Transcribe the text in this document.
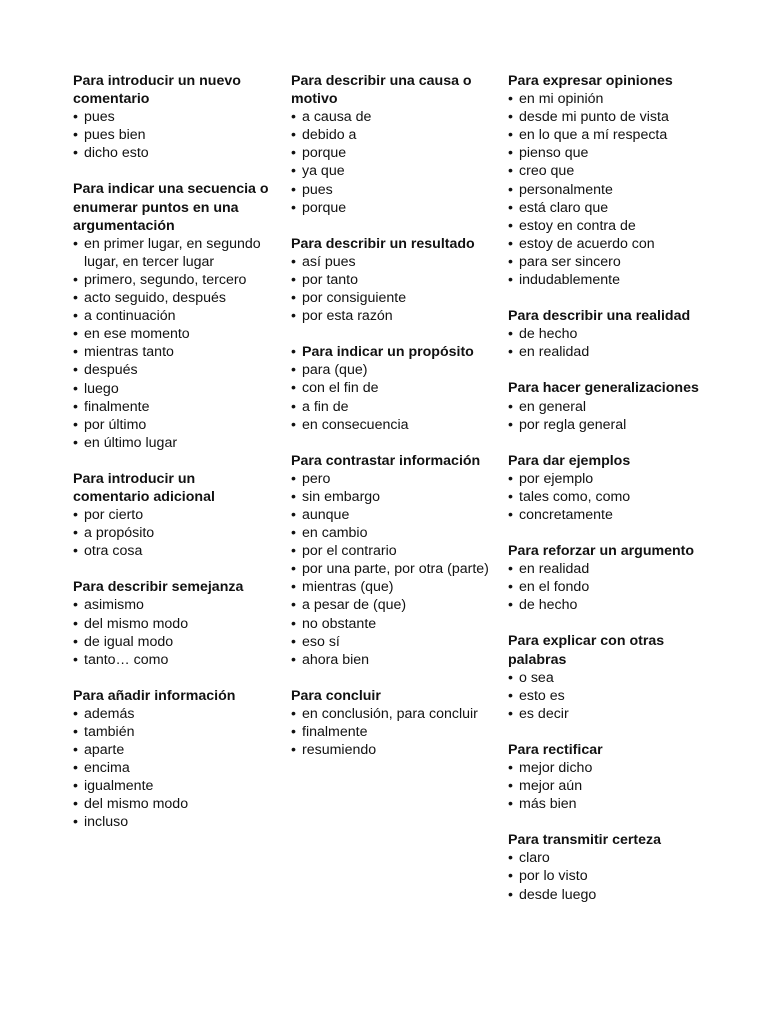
Para introducir un nuevo comentario
• pues
• pues bien
• dicho esto
Para indicar una secuencia o enumerar puntos en una argumentación
• en primer lugar, en segundo lugar, en tercer lugar
• primero, segundo, tercero
• acto seguido, después
• a continuación
• en ese momento
• mientras tanto
• después
• luego
• finalmente
• por último
• en último lugar
Para introducir un comentario adicional
• por cierto
• a propósito
• otra cosa
Para describir semejanza
• asimismo
• del mismo modo
• de igual modo
• tanto… como
Para añadir información
• además
• también
• aparte
• encima
• igualmente
• del mismo modo
• incluso
Para describir una causa o motivo
• a causa de
• debido a
• porque
• ya que
• pues
• porque
Para describir un resultado
• así pues
• por tanto
• por consiguiente
• por esta razón
• Para indicar un propósito
• para (que)
• con el fin de
• a fin de
• en consecuencia
Para contrastar información
• pero
• sin embargo
• aunque
• en cambio
• por el contrario
• por una parte, por otra (parte)
• mientras (que)
• a pesar de (que)
• no obstante
• eso sí
• ahora bien
Para concluir
• en conclusión, para concluir
• finalmente
• resumiendo
Para expresar opiniones
• en mi opinión
• desde mi punto de vista
• en lo que a mí respecta
• pienso que
• creo que
• personalmente
• está claro que
• estoy en contra de
• estoy de acuerdo con
• para ser sincero
• indudablemente
Para describir una realidad
• de hecho
• en realidad
Para hacer generalizaciones
• en general
• por regla general
Para dar ejemplos
• por ejemplo
• tales como, como
• concretamente
Para reforzar un argumento
• en realidad
• en el fondo
• de hecho
Para explicar con otras palabras
• o sea
• esto es
• es decir
Para rectificar
• mejor dicho
• mejor aún
• más bien
Para transmitir certeza
• claro
• por lo visto
• desde luego
